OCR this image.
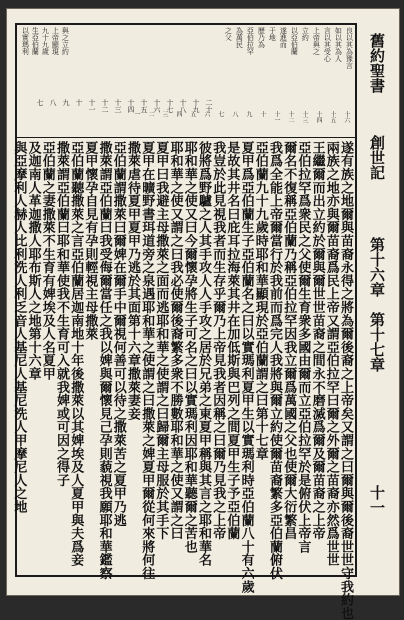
良以其為豫言
如以其為人
言以其受心
上帝與之
立約
以亞伯蘭
遂進而
于地
歷乃為
亞伯拉罕
為萬民
之父
二十
十九
十八
十七
十六
十五
十四
十三
十二
十一
十
九
八
七
以實瑪利 生亞伯蘭 九十九歲 上帝顯現 與之立約
十六
十五
十四
十三
十二
十一
十
九
八
七
六
五
四
三
二
一
遂有族之地爾與苗裔永得之將為爾後裔之上帝矣又謂之曰爾與爾後裔世世守我約也
兩族之地亦與爾苗裔爲民上帝又謂亞伯拉罕曰爾之外爾之苗裔亦然爲世世
王繼爾而出立約於爾與爾世世苗裔之間永不磨滅爲爾及爾苗裔之上帝
亞伯拉罕爲衆民之父使爾生育衆多國由爾而立亞伯拉罕於是俯伏上帝言
爾名不復稱亞伯蘭乃稱亞伯拉罕因我立爾爲萬國之父也使爾大衍繁昌
我爲全能上帝爾當行於我前而爲完人我將與爾立約使爾苗裔繁多亞伯蘭俯伏
亞伯蘭九十九歲時耶和華顯現於亞伯蘭謂之曰第十七章
夏甲爲亞伯蘭生子亞伯蘭名之曰以實瑪利夏甲生以實瑪利時亞伯蘭八十有六歲
是故其井名曰庇耳拉海萊其井在加低斯與巴列之間夏甲生子予亞伯蘭
我豈於此見視我者而生存乎爾乃上帝見我者因稱之曰爾乃見我之上帝
彼將爲野驢之人其手攻人人手攻之居於兄弟之東夏甲稱與其言之耶和華名
耶和華之使又曰今爾懷孕將生子可名之曰以實瑪利因耶和華聽爾之苦也
耶和華之使又謂之曰我必使爾後裔繁多衆不勝數耶和華之使又謂之曰
夏甲曰我避主母撒萊之面而逃耶和華之使謂之曰歸爾主母服於其手下
夏甲在曠野書珥道旁之泉遇耶和華之使謂之曰撒萊之婢夏甲爾從何來將何往
撒萊虐待夏甲夏甲乃逃於其面第十六章撒萊妻妾
亞伯蘭謂撒萊曰爾婢在爾手中爾視何善可以待之撒萊苦之夏甲乃逃
撒萊謂亞伯蘭曰我受侮爾當任之我以婢與爾懷見己孕則藐視我願耶和華鑑察
夏甲懷孕自見有孕則輕視主母撒萊
亞伯蘭聽撒萊之言亞伯蘭居迦南地十年後撒萊以其婢埃及人夏甲與夫爲妾
撒萊謂亞伯蘭曰耶和華使我不生育可入就我婢或可因之得子
亞伯蘭之妻撒萊不生育有婢埃及人名夏甲
及迦南人革迦撒人耶布斯人之地第十六章
與亞摩利人赫人比利洗人利乏音人基尼人基尼洗人甲摩尼人之地
舊約聖書
創世記
第十六章　第十七章
十一
